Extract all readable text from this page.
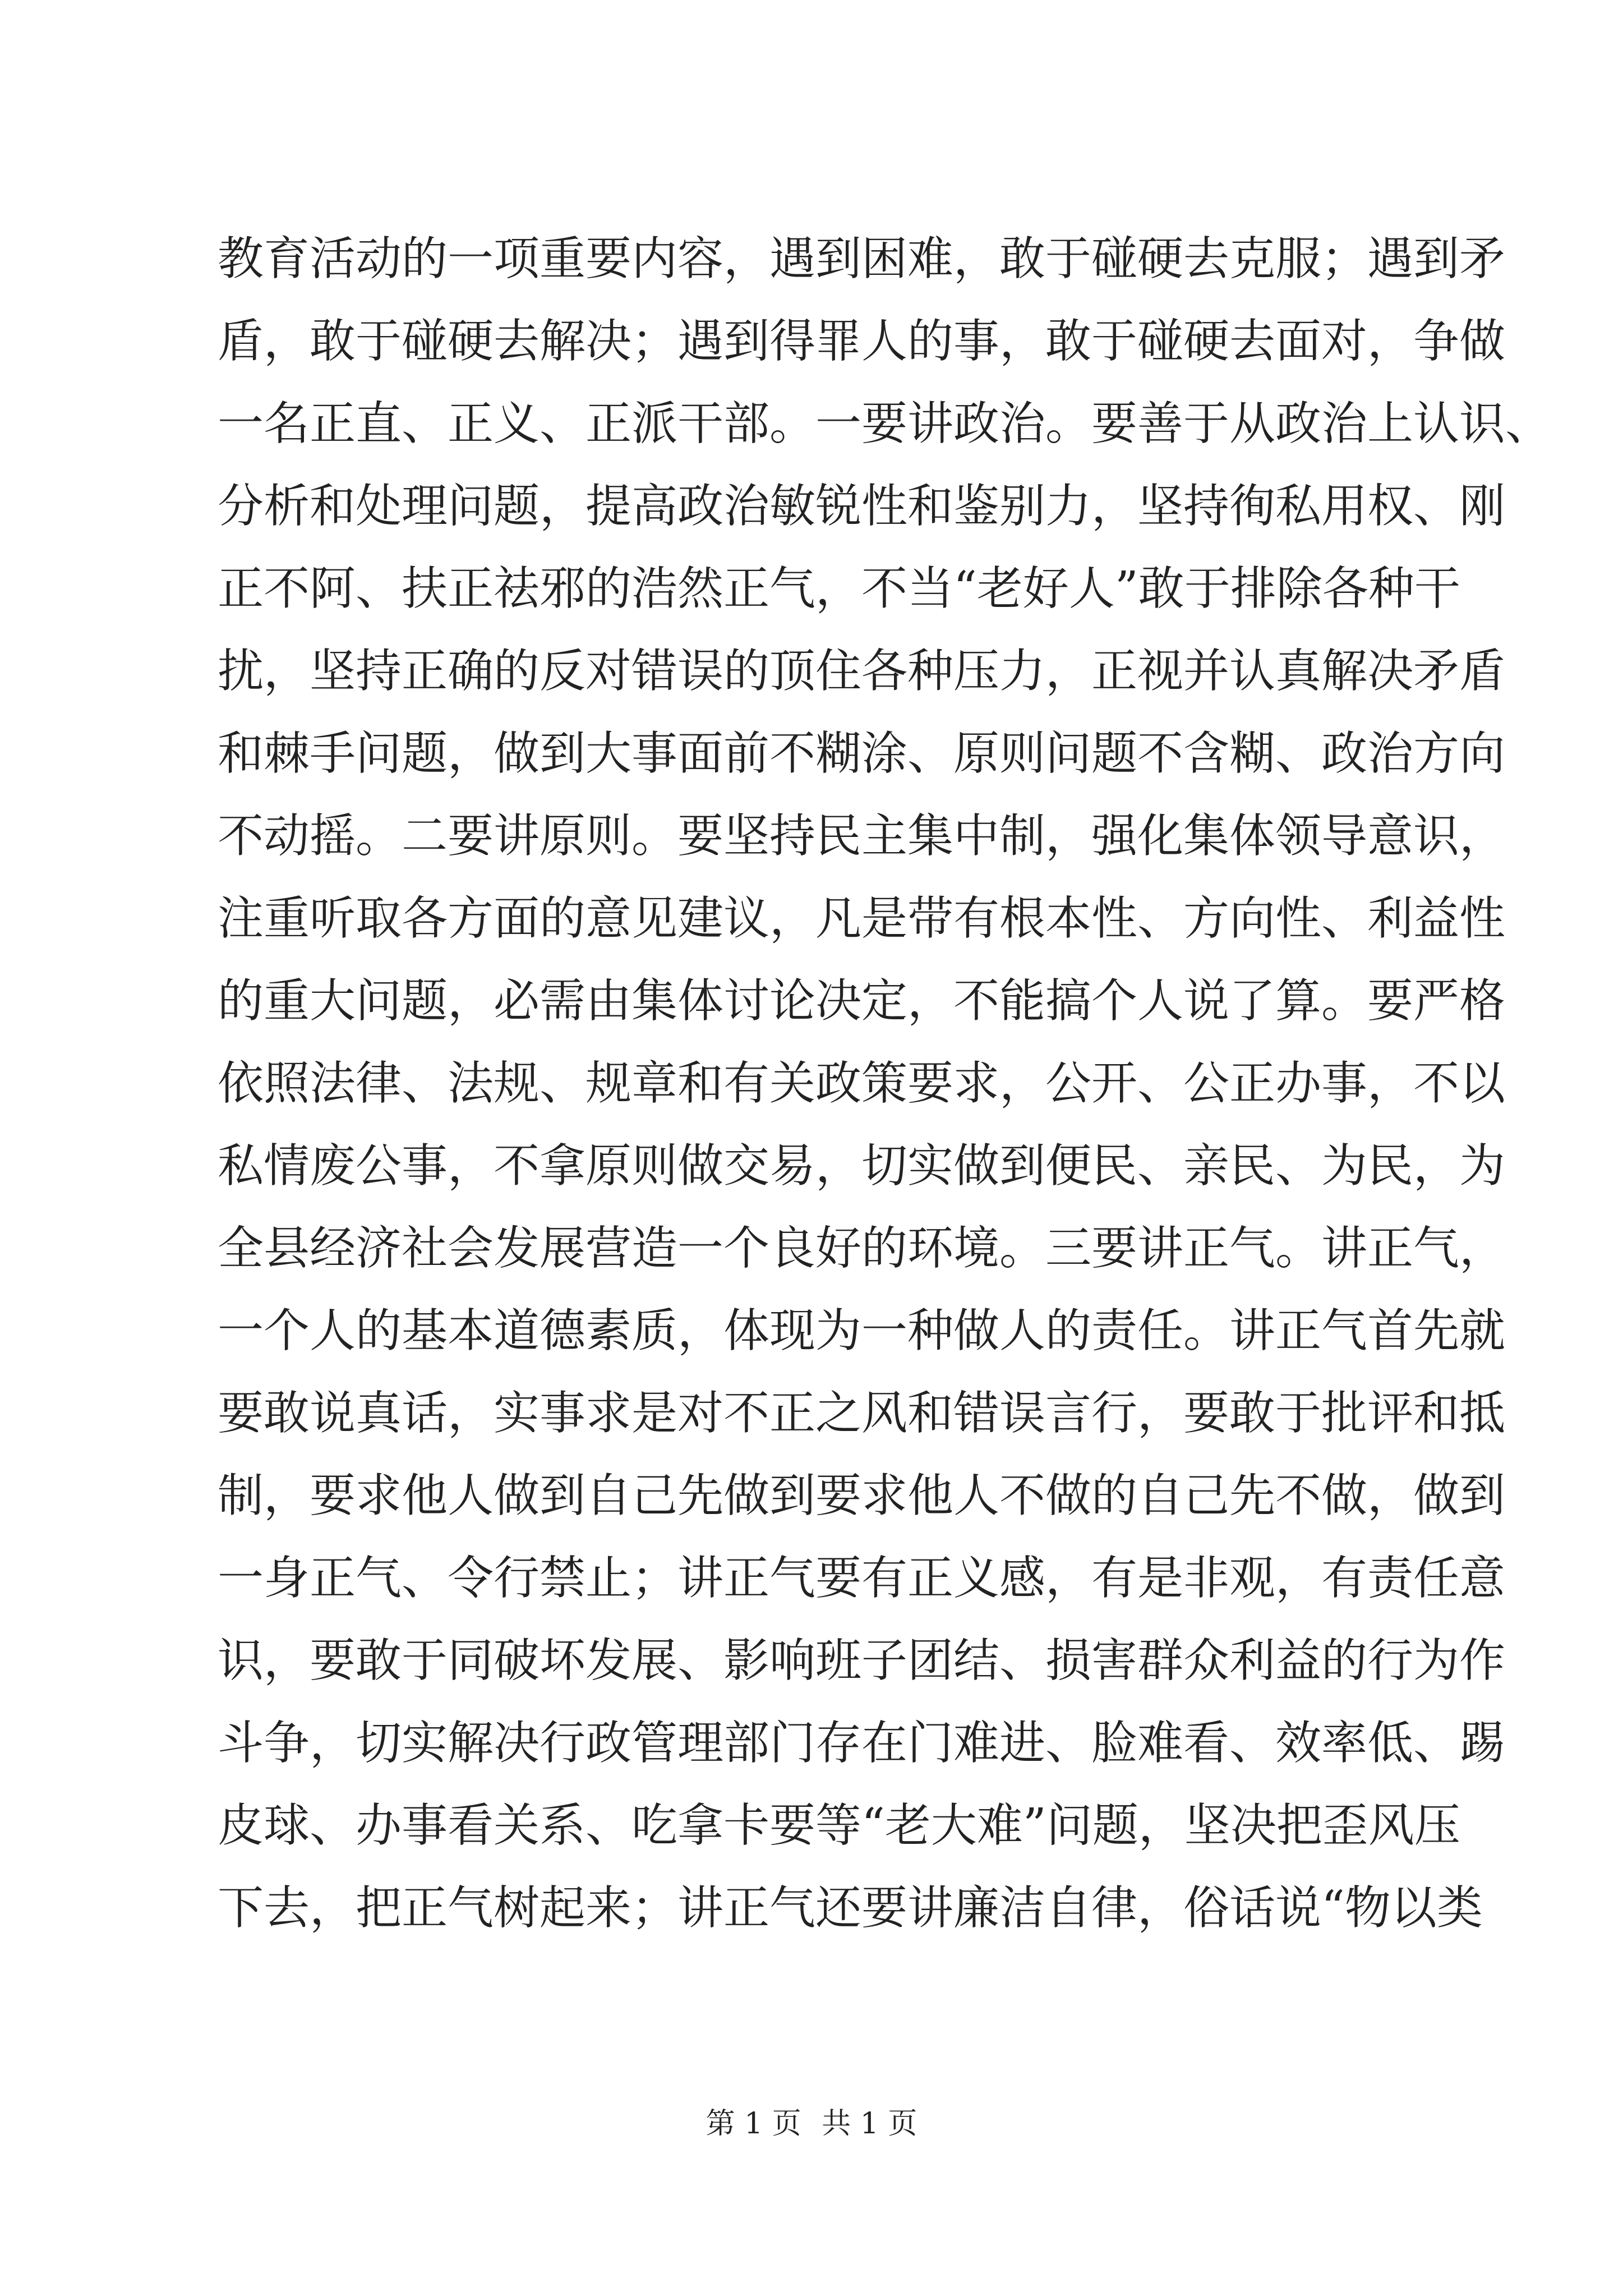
教育活动的一项重要内容，遇到困难，敢于碰硬去克服；遇到矛
盾，敢于碰硬去解决；遇到得罪人的事，敢于碰硬去面对，争做
一名正直、正义、正派干部。一要讲政治。要善于从政治上认识、
分析和处理问题，提高政治敏锐性和鉴别力，坚持徇私用权、刚
正不阿、扶正祛邪的浩然正气，不当“老好人”敢于排除各种干
扰，坚持正确的反对错误的顶住各种压力，正视并认真解决矛盾
和棘手问题，做到大事面前不糊涂、原则问题不含糊、政治方向
不动摇。二要讲原则。要坚持民主集中制，强化集体领导意识，
注重听取各方面的意见建议，凡是带有根本性、方向性、利益性
的重大问题，必需由集体讨论决定，不能搞个人说了算。要严格
依照法律、法规、规章和有关政策要求，公开、公正办事，不以
私情废公事，不拿原则做交易，切实做到便民、亲民、为民，为
全县经济社会发展营造一个良好的环境。三要讲正气。讲正气，
一个人的基本道德素质，体现为一种做人的责任。讲正气首先就
要敢说真话，实事求是对不正之风和错误言行，要敢于批评和抵
制，要求他人做到自己先做到要求他人不做的自己先不做，做到
一身正气、令行禁止；讲正气要有正义感，有是非观，有责任意
识，要敢于同破坏发展、影响班子团结、损害群众利益的行为作
斗争，切实解决行政管理部门存在门难进、脸难看、效率低、踢
皮球、办事看关系、吃拿卡要等“老大难”问题，坚决把歪风压
下去，把正气树起来；讲正气还要讲廉洁自律，俗话说“物以类
第 1 页 共 1 页
